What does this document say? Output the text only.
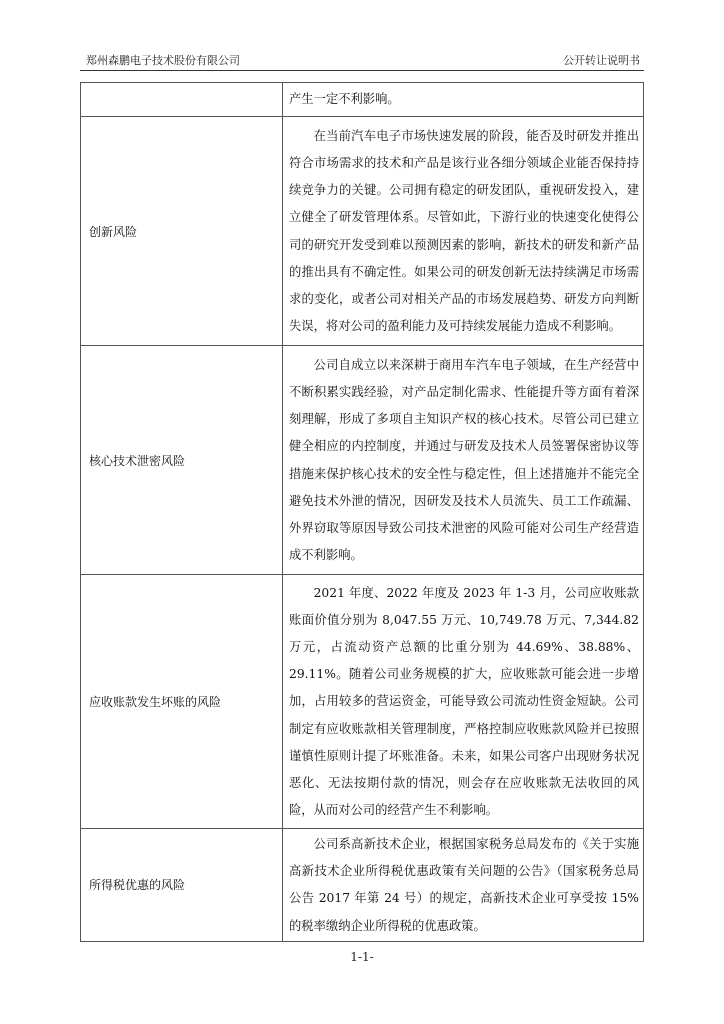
郑州森鹏电子技术股份有限公司	公开转让说明书

	产生一定不利影响。

创新风险	在当前汽车电子市场快速发展的阶段，能否及时研发并推出符合市场需求的技术和产品是该行业各细分领域企业能否保持持续竞争力的关键。公司拥有稳定的研发团队，重视研发投入，建立健全了研发管理体系。尽管如此，下游行业的快速变化使得公司的研究开发受到难以预测因素的影响，新技术的研发和新产品的推出具有不确定性。如果公司的研发创新无法持续满足市场需求的变化，或者公司对相关产品的市场发展趋势、研发方向判断失误，将对公司的盈利能力及可持续发展能力造成不利影响。

核心技术泄密风险	公司自成立以来深耕于商用车汽车电子领域，在生产经营中不断积累实践经验，对产品定制化需求、性能提升等方面有着深刻理解，形成了多项自主知识产权的核心技术。尽管公司已建立健全相应的内控制度，并通过与研发及技术人员签署保密协议等措施来保护核心技术的安全性与稳定性，但上述措施并不能完全避免技术外泄的情况，因研发及技术人员流失、员工工作疏漏、外界窃取等原因导致公司技术泄密的风险可能对公司生产经营造成不利影响。

应收账款发生坏账的风险	2021 年度、2022 年度及 2023 年 1-3 月，公司应收账款账面价值分别为 8,047.55 万元、10,749.78 万元、7,344.82 万元，占流动资产总额的比重分别为 44.69%、38.88%、29.11%。随着公司业务规模的扩大，应收账款可能会进一步增加，占用较多的营运资金，可能导致公司流动性资金短缺。公司制定有应收账款相关管理制度，严格控制应收账款风险并已按照谨慎性原则计提了坏账准备。未来，如果公司客户出现财务状况恶化、无法按期付款的情况，则会存在应收账款无法收回的风险，从而对公司的经营产生不利影响。

所得税优惠的风险	公司系高新技术企业，根据国家税务总局发布的《关于实施高新技术企业所得税优惠政策有关问题的公告》（国家税务总局公告 2017 年第 24 号）的规定，高新技术企业可享受按 15%的税率缴纳企业所得税的优惠政策。

1-1-
